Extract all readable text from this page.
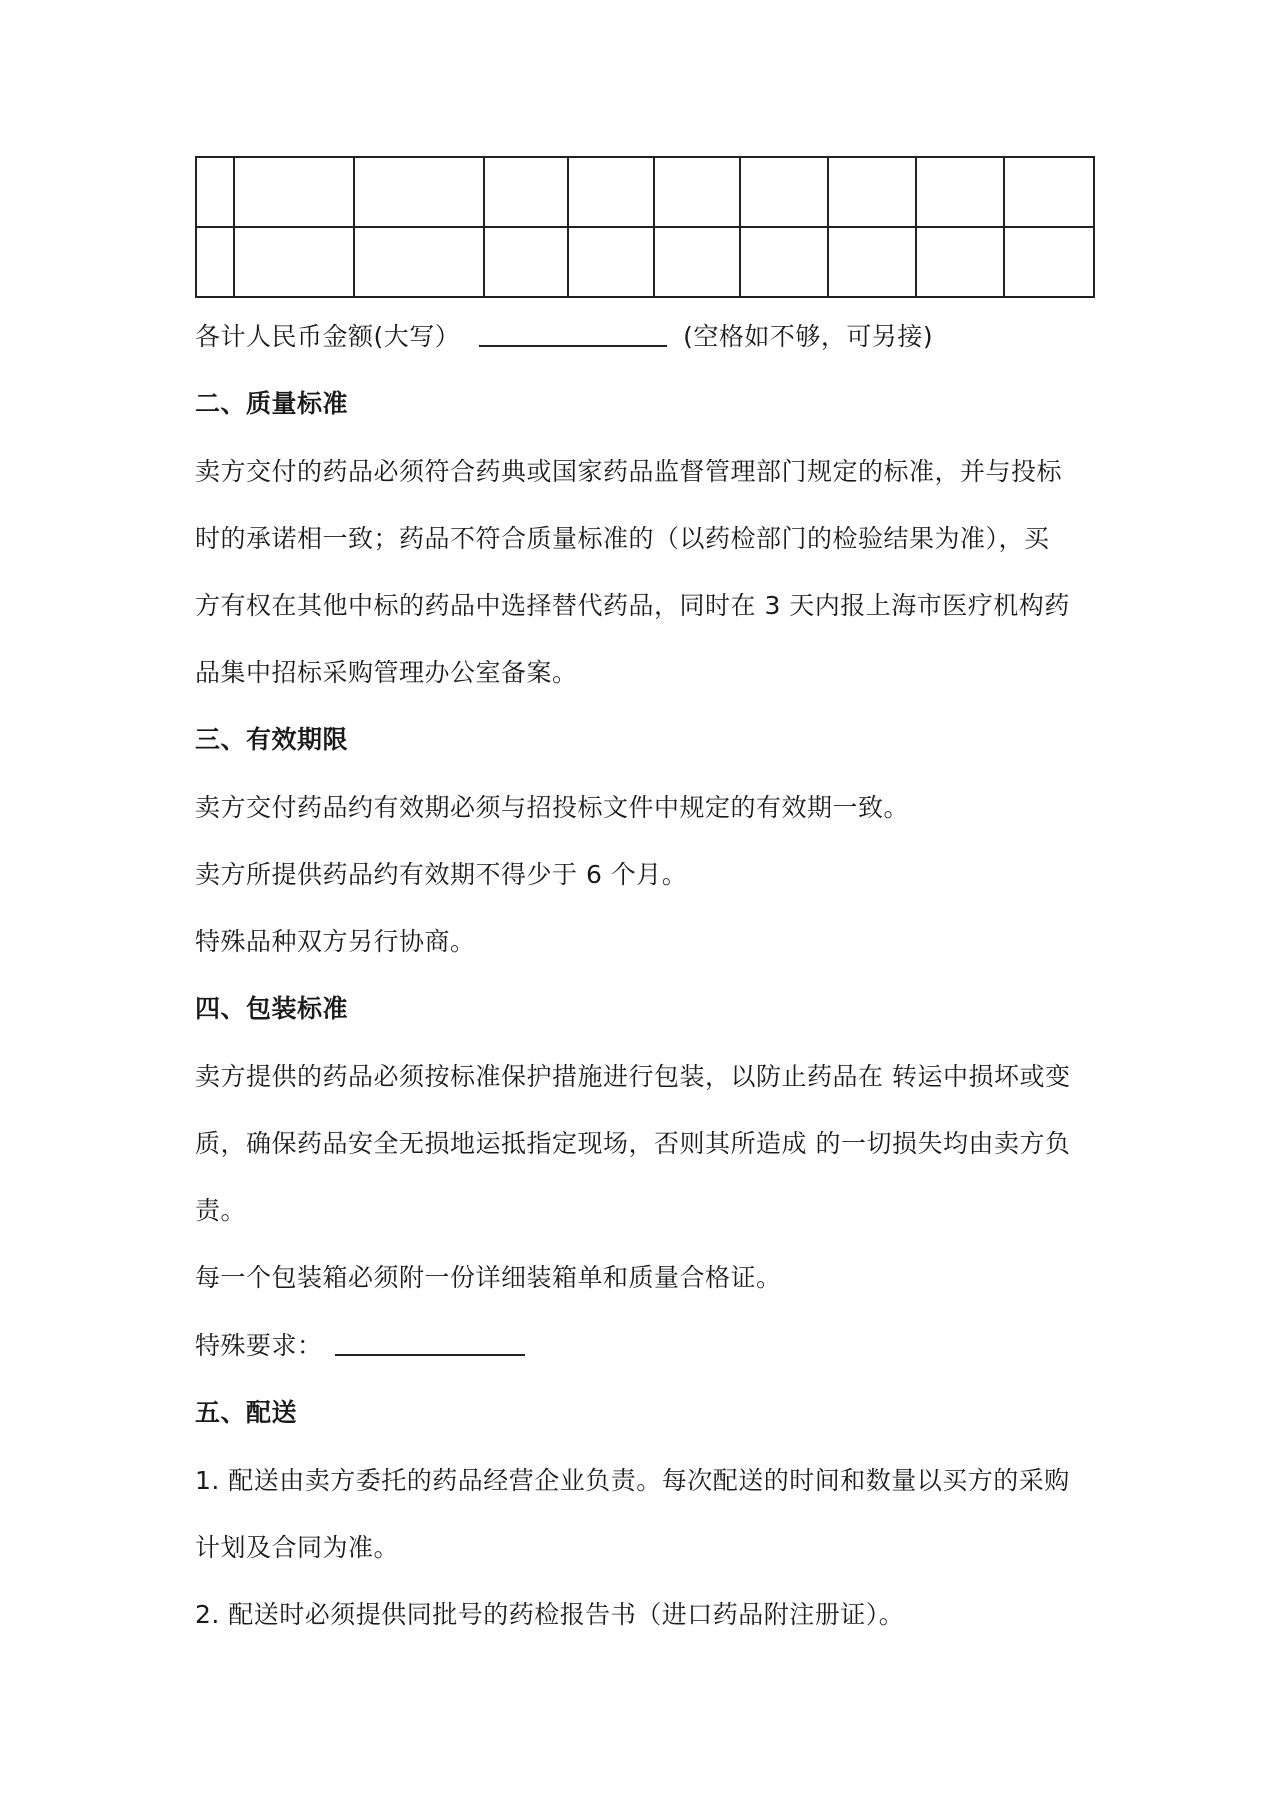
各计人民币金额(大写）	(空格如不够，可另接)
二、质量标准
卖方交付的药品必须符合药典或国家药品监督管理部门规定的标准，并与投标
时的承诺相一致；药品不符合质量标准的（以药检部门的检验结果为准），买
方有权在其他中标的药品中选择替代药品，同时在 3 天内报上海市医疗机构药
品集中招标采购管理办公室备案。
三、有效期限
卖方交付药品约有效期必须与招投标文件中规定的有效期一致。
卖方所提供药品约有效期不得少于 6 个月。
特殊品种双方另行协商。
四、包装标准
卖方提供的药品必须按标准保护措施进行包装，以防止药品在 转运中损坏或变
质，确保药品安全无损地运抵指定现场，否则其所造成 的一切损失均由卖方负
责。
每一个包装箱必须附一份详细装箱单和质量合格证。
特殊要求：
五、配送
1. 配送由卖方委托的药品经营企业负责。每次配送的时间和数量以买方的采购
计划及合同为准。
2. 配送时必须提供同批号的药检报告书（进口药品附注册证）。
